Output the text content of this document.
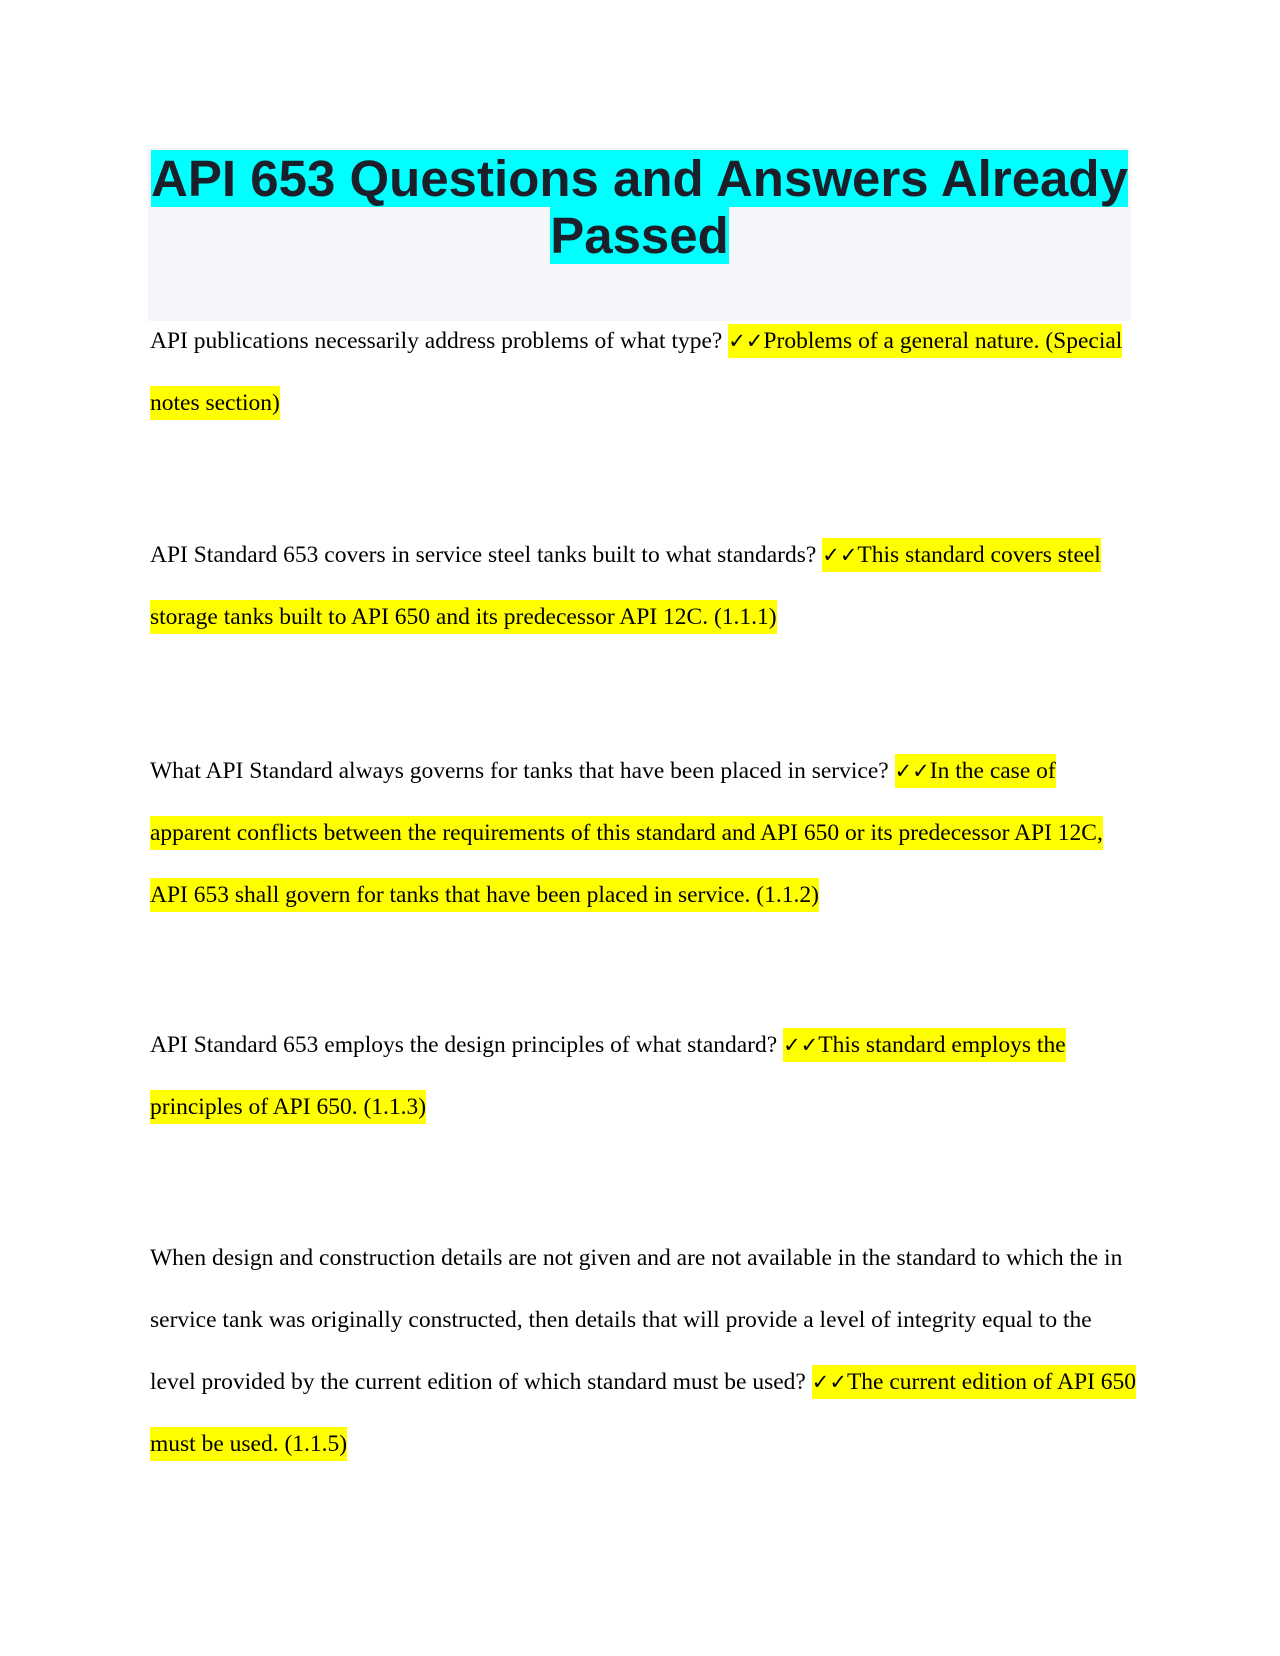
API 653 Questions and Answers Already Passed

API publications necessarily address problems of what type? ✓✓Problems of a general nature. (Special notes section)

API Standard 653 covers in service steel tanks built to what standards? ✓✓This standard covers steel storage tanks built to API 650 and its predecessor API 12C. (1.1.1)

What API Standard always governs for tanks that have been placed in service? ✓✓In the case of apparent conflicts between the requirements of this standard and API 650 or its predecessor API 12C, API 653 shall govern for tanks that have been placed in service. (1.1.2)

API Standard 653 employs the design principles of what standard? ✓✓This standard employs the principles of API 650. (1.1.3)

When design and construction details are not given and are not available in the standard to which the in service tank was originally constructed, then details that will provide a level of integrity equal to the level provided by the current edition of which standard must be used? ✓✓The current edition of API 650 must be used. (1.1.5)
